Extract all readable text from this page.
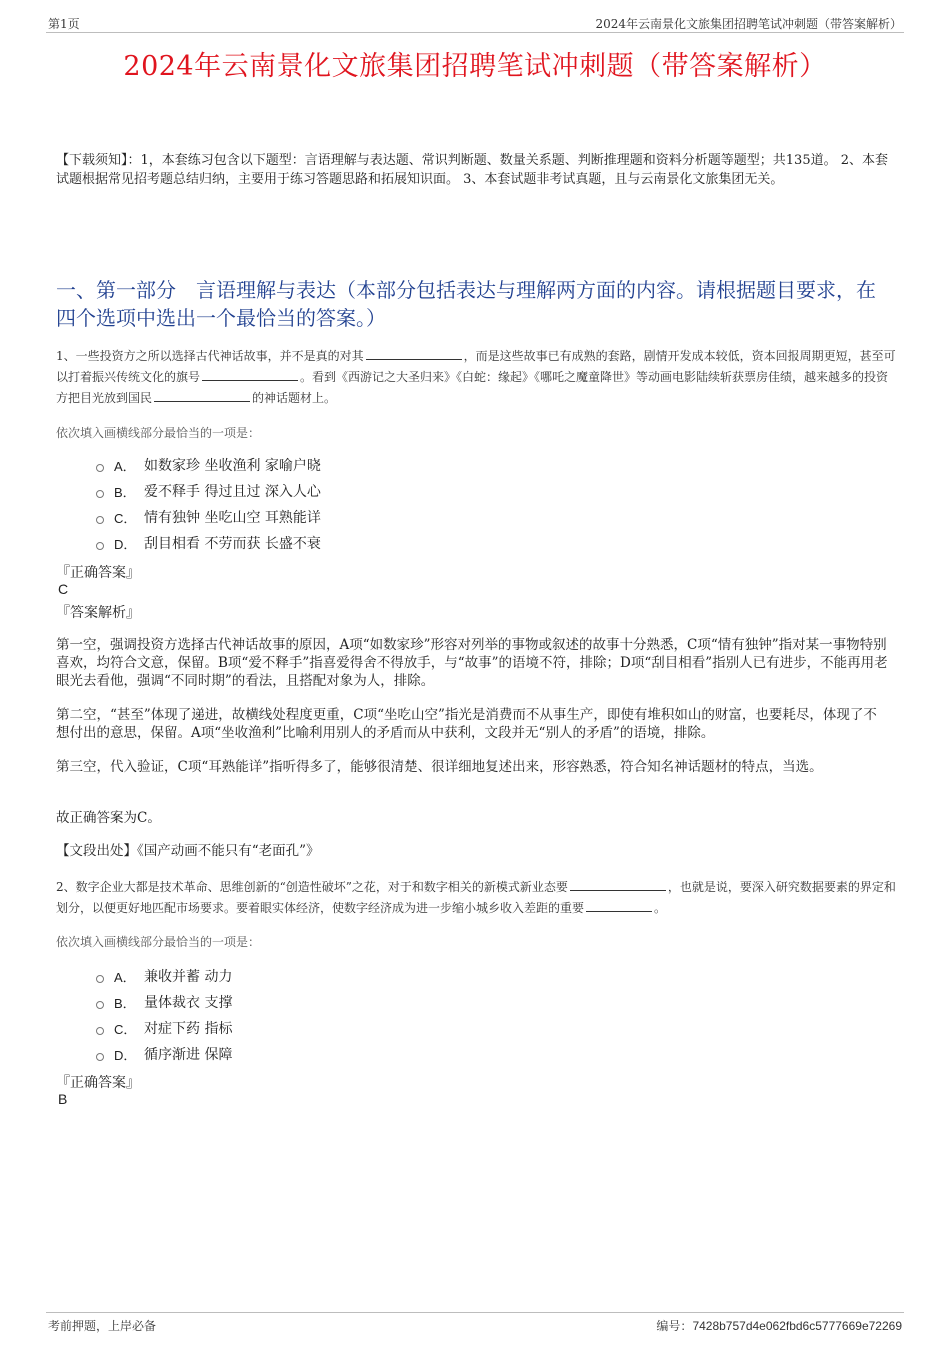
第1页	2024年云南景化文旅集团招聘笔试冲刺题（带答案解析）
2024年云南景化文旅集团招聘笔试冲刺题（带答案解析）
【下载须知】：1，本套练习包含以下题型：言语理解与表达题、常识判断题、数量关系题、判断推理题和资料分析题等题型；共135道。 2、本套试题根据常见招考题总结归纳，主要用于练习答题思路和拓展知识面。 3、本套试题非考试真题，且与云南景化文旅集团无关。
一、第一部分　言语理解与表达（本部分包括表达与理解两方面的内容。请根据题目要求，在四个选项中选出一个最恰当的答案。）
1、一些投资方之所以选择古代神话故事，并不是真的对其	，而是这些故事已有成熟的套路，剧情开发成本较低，资本回报周期更短，甚至可以打着振兴传统文化的旗号	。看到《西游记之大圣归来》《白蛇：缘起》《哪吒之魔童降世》等动画电影陆续斩获票房佳绩，越来越多的投资方把目光放到国民	的神话题材上。
依次填入画横线部分最恰当的一项是：
A． 如数家珍 坐收渔利 家喻户晓
B． 爱不释手 得过且过 深入人心
C． 情有独钟 坐吃山空 耳熟能详
D． 刮目相看 不劳而获 长盛不衰
『正确答案』
C
『答案解析』
第一空，强调投资方选择古代神话故事的原因，A项“如数家珍”形容对列举的事物或叙述的故事十分熟悉，C项“情有独钟”指对某一事物特别喜欢，均符合文意，保留。B项“爱不释手”指喜爱得舍不得放手，与“故事”的语境不符，排除；D项“刮目相看”指别人已有进步，不能再用老眼光去看他，强调“不同时期”的看法，且搭配对象为人，排除。
第二空，“甚至”体现了递进，故横线处程度更重，C项“坐吃山空”指光是消费而不从事生产，即使有堆积如山的财富，也要耗尽，体现了不想付出的意思，保留。A项“坐收渔利”比喻利用别人的矛盾而从中获利，文段并无“别人的矛盾”的语境，排除。
第三空，代入验证，C项“耳熟能详”指听得多了，能够很清楚、很详细地复述出来，形容熟悉，符合知名神话题材的特点，当选。
故正确答案为C。
【文段出处】《国产动画不能只有“老面孔”》
2、数字企业大都是技术革命、思维创新的“创造性破坏”之花，对于和数字相关的新模式新业态要	，也就是说，要深入研究数据要素的界定和划分，以便更好地匹配市场要求。要着眼实体经济，使数字经济成为进一步缩小城乡收入差距的重要	。
依次填入画横线部分最恰当的一项是：
A． 兼收并蓄 动力
B． 量体裁衣 支撑
C． 对症下药 指标
D． 循序渐进 保障
『正确答案』
B
考前押题，上岸必备	编号：7428b757d4e062fbd6c5777669e72269
